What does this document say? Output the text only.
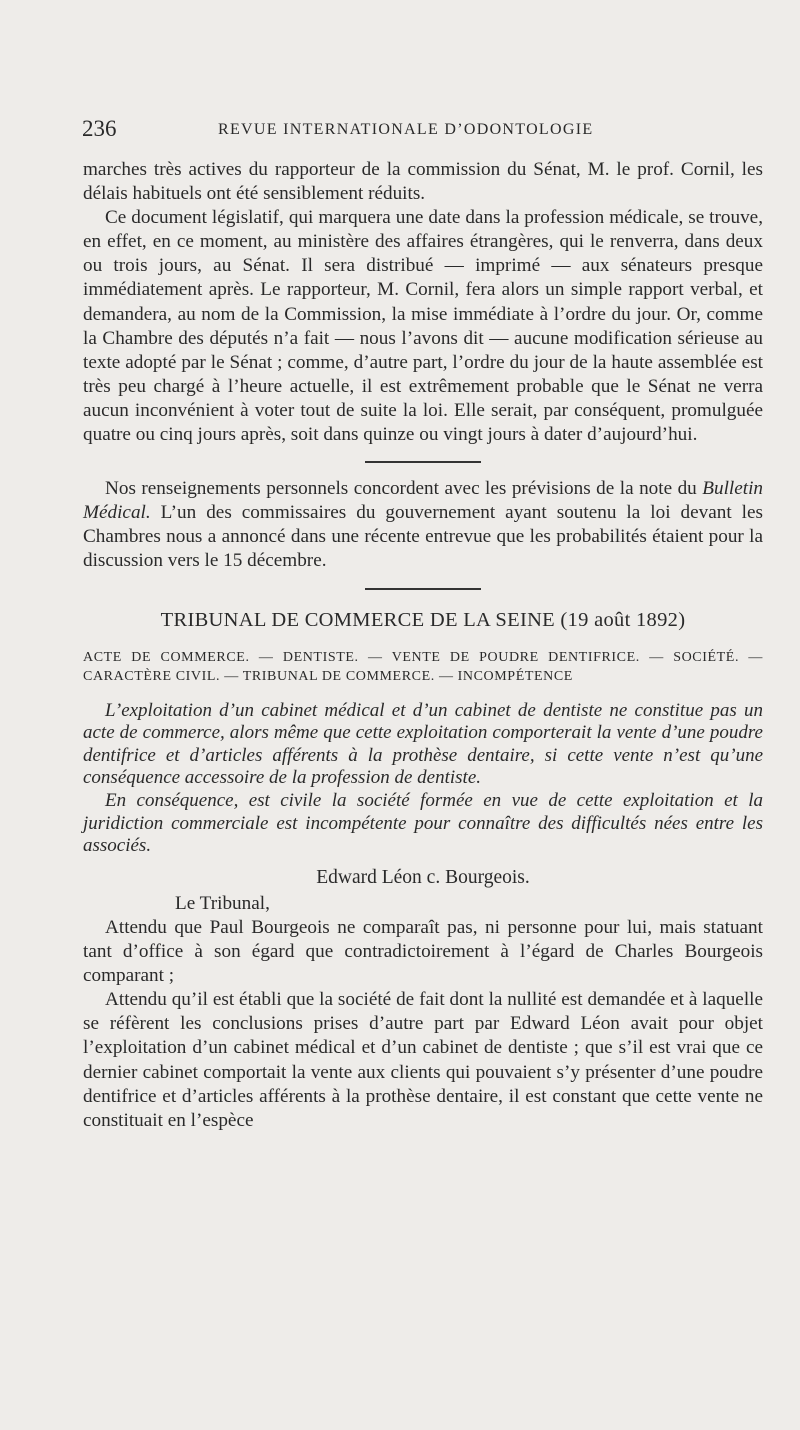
236	REVUE INTERNATIONALE D’ODONTOLOGIE

marches très actives du rapporteur de la commission du Sénat, M. le prof. Cornil, les délais habituels ont été sensiblement réduits.

Ce document législatif, qui marquera une date dans la profession médicale, se trouve, en effet, en ce moment, au ministère des affaires étrangères, qui le renverra, dans deux ou trois jours, au Sénat. Il sera distribué — imprimé — aux sénateurs presque immédiatement après. Le rapporteur, M. Cornil, fera alors un simple rapport verbal, et demandera, au nom de la Commission, la mise immédiate à l’ordre du jour. Or, comme la Chambre des députés n’a fait — nous l’avons dit — aucune modification sérieuse au texte adopté par le Sénat ; comme, d’autre part, l’ordre du jour de la haute assemblée est très peu chargé à l’heure actuelle, il est extrêmement probable que le Sénat ne verra aucun inconvénient à voter tout de suite la loi. Elle serait, par conséquent, promulguée quatre ou cinq jours après, soit dans quinze ou vingt jours à dater d’aujourd’hui.

Nos renseignements personnels concordent avec les prévisions de la note du Bulletin Médical. L’un des commissaires du gouvernement ayant soutenu la loi devant les Chambres nous a annoncé dans une récente entrevue que les probabilités étaient pour la discussion vers le 15 décembre.

TRIBUNAL DE COMMERCE DE LA SEINE (19 août 1892)

ACTE DE COMMERCE. — DENTISTE. — VENTE DE POUDRE DENTIFRICE. — SOCIÉTÉ. — CARACTÈRE CIVIL. — TRIBUNAL DE COMMERCE. — INCOMPÉTENCE

L’exploitation d’un cabinet médical et d’un cabinet de dentiste ne constitue pas un acte de commerce, alors même que cette exploitation comporterait la vente d’une poudre dentifrice et d’articles afférents à la prothèse dentaire, si cette vente n’est qu’une conséquence accessoire de la profession de dentiste.

En conséquence, est civile la société formée en vue de cette exploitation et la juridiction commerciale est incompétente pour connaître des difficultés nées entre les associés.

Edward Léon c. Bourgeois.

Le Tribunal,

Attendu que Paul Bourgeois ne comparaît pas, ni personne pour lui, mais statuant tant d’office à son égard que contradictoirement à l’égard de Charles Bourgeois comparant ;

Attendu qu’il est établi que la société de fait dont la nullité est demandée et à laquelle se réfèrent les conclusions prises d’autre part par Edward Léon avait pour objet l’exploitation d’un cabinet médical et d’un cabinet de dentiste ; que s’il est vrai que ce dernier cabinet comportait la vente aux clients qui pouvaient s’y présenter d’une poudre dentifrice et d’articles afférents à la prothèse dentaire, il est constant que cette vente ne constituait en l’espèce
